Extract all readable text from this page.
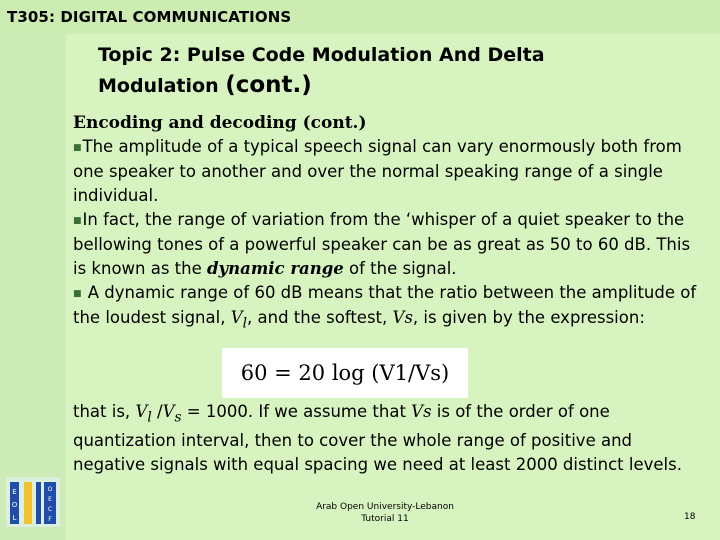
T305: DIGITAL COMMUNICATIONS
Topic 2: Pulse Code Modulation And Delta Modulation (cont.)
Encoding and decoding (cont.)
■The amplitude of a typical speech signal can vary enormously both from one speaker to another and over the normal speaking range of a single individual.
■In fact, the range of variation from the ‘whisper of a quiet speaker to the bellowing tones of a powerful speaker can be as great as 50 to 60 dB. This is known as the dynamic range of the signal.
■ A dynamic range of 60 dB means that the ratio between the amplitude of the loudest signal, $V_l$, and the softest, Vs, is given by the expression:
60 = 20 log (V1/Vs)
that is, $V_l$ $/V_s = 1000$. If we assume that Vs is of the order of one quantization interval, then to cover the whole range of positive and negative signals with equal spacing we need at least 2000 distinct levels.
E
O
L
O
E
C
F
Arab Open University-Lebanon
Tutorial 11	18
